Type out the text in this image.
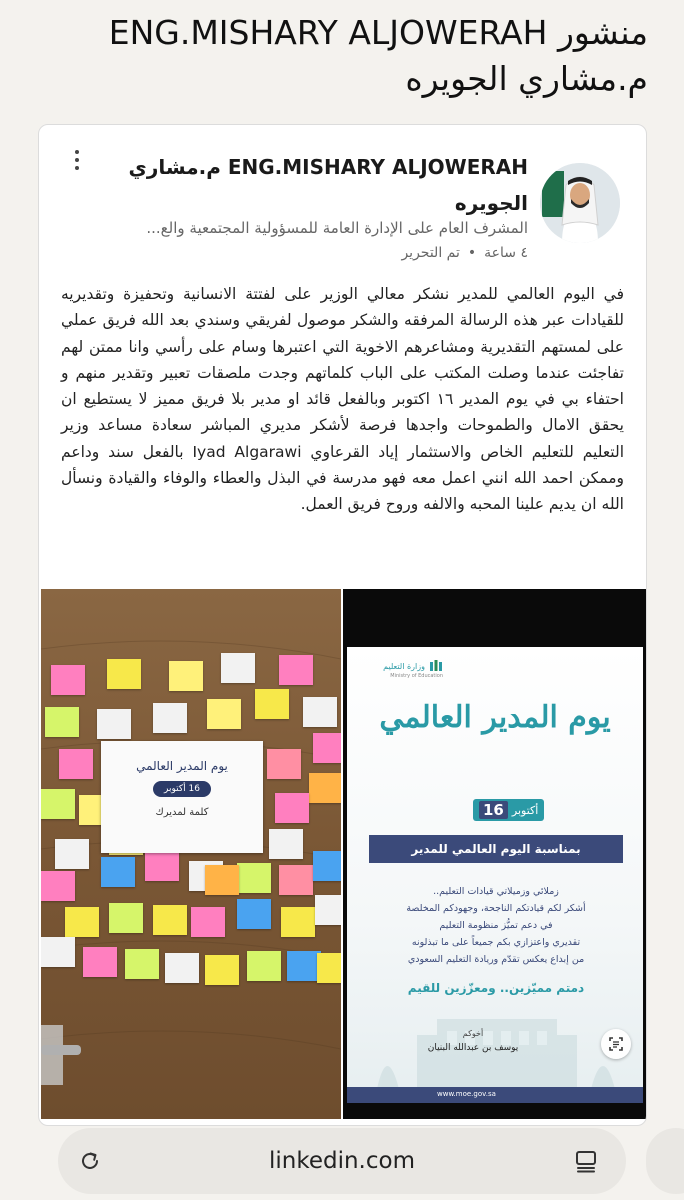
منشور ENG.MISHARY ALJOWERAH م.مشاري الجويره
ENG.MISHARY ALJOWERAH م.مشاري الجويره
المشرف العام على الإدارة العامة للمسؤولية المجتمعية والع...
٤ ساعة•تم التحرير
في اليوم العالمي للمدير نشكر معالي الوزير على لفتتة الانسانية وتحفيزة وتقديريه للقيادات عبر هذه الرسالة المرفقه والشكر موصول لفريقي وسندي بعد الله فريق عملي على لمستهم التقديرية ومشاعرهم الاخوية التي اعتبرها وسام على رأسي وانا ممتن لهم تفاجئت عندما وصلت المكتب على الباب كلماتهم وجدت ملصقات تعبير وتقدير منهم و احتفاء بي في يوم المدير ١٦ اكتوبر وبالفعل قائد او مدير بلا فريق مميز لا يستطيع ان يحقق الامال والطموحات واجدها فرصة لأشكر مديري المباشر سعادة مساعد وزير التعليم للتعليم الخاص والاستثمار إياد القرعاوي Iyad Algarawi بالفعل سند وداعم وممكن احمد الله انني اعمل معه فهو مدرسة في البذل والعطاء والوفاء والقيادة ونسأل الله ان يديم علينا المحبه والالفه وروح فريق العمل.
يوم المدير العالمي
16 أكتوبر
كلمة لمديرك
وزارة التعليم
Ministry of Education
يوم المدير العالمي
أكتوبر
16
بمناسبة اليوم العالمي للمدير
زملائي وزميلاتي قيادات التعليم..
أشكر لكم قيادتكم الناجحة، وجهودكم المخلصة
في دعم تميُّز منظومة التعليم
تقديري واعتزازي بكم جميعاً على ما تبذلونه
من إبداع يعكس تقدّم وريادة التعليم السعودي
دمتم مميّزين.. ومعزّزين للقيم
أخوكم
يوسف بن عبدالله البنيان
www.moe.gov.sa
linkedin.com
